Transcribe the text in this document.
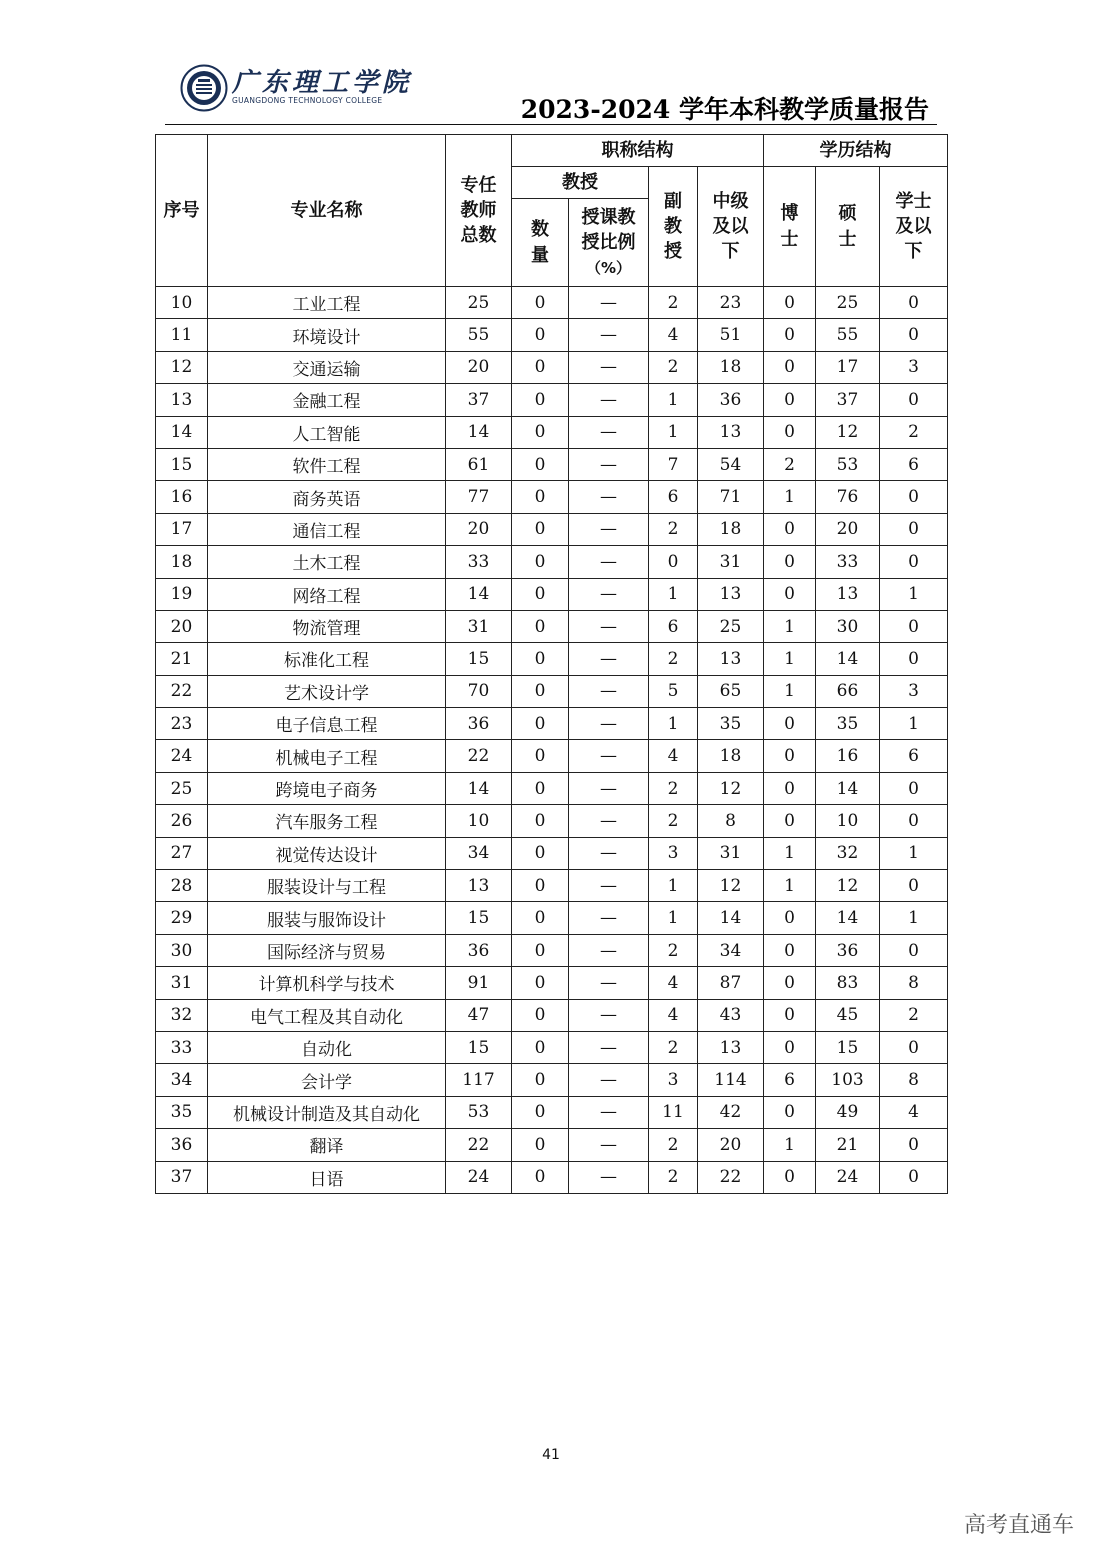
广东理工学院
GUANGDONG TECHNOLOGY COLLEGE	2023-2024 学年本科教学质量报告
序号	专业名称	专任教师总数	职称结构				学历结构		
			教授		副教授	中级及以下	博士	硕士	学士及以下
			数量	授课教授比例
（%）					
10	工业工程	25	0	—	2	23	0	25	0
11	环境设计	55	0	—	4	51	0	55	0
12	交通运输	20	0	—	2	18	0	17	3
13	金融工程	37	0	—	1	36	0	37	0
14	人工智能	14	0	—	1	13	0	12	2
15	软件工程	61	0	—	7	54	2	53	6
16	商务英语	77	0	—	6	71	1	76	0
17	通信工程	20	0	—	2	18	0	20	0
18	土木工程	33	0	—	0	31	0	33	0
19	网络工程	14	0	—	1	13	0	13	1
20	物流管理	31	0	—	6	25	1	30	0
21	标准化工程	15	0	—	2	13	1	14	0
22	艺术设计学	70	0	—	5	65	1	66	3
23	电子信息工程	36	0	—	1	35	0	35	1
24	机械电子工程	22	0	—	4	18	0	16	6
25	跨境电子商务	14	0	—	2	12	0	14	0
26	汽车服务工程	10	0	—	2	8	0	10	0
27	视觉传达设计	34	0	—	3	31	1	32	1
28	服装设计与工程	13	0	—	1	12	1	12	0
29	服装与服饰设计	15	0	—	1	14	0	14	1
30	国际经济与贸易	36	0	—	2	34	0	36	0
31	计算机科学与技术	91	0	—	4	87	0	83	8
32	电气工程及其自动化	47	0	—	4	43	0	45	2
33	自动化	15	0	—	2	13	0	15	0
34	会计学	117	0	—	3	114	6	103	8
35	机械设计制造及其自动化	53	0	—	11	42	0	49	4
36	翻译	22	0	—	2	20	1	21	0
37	日语	24	0	—	2	22	0	24	0
41
高考直通车
